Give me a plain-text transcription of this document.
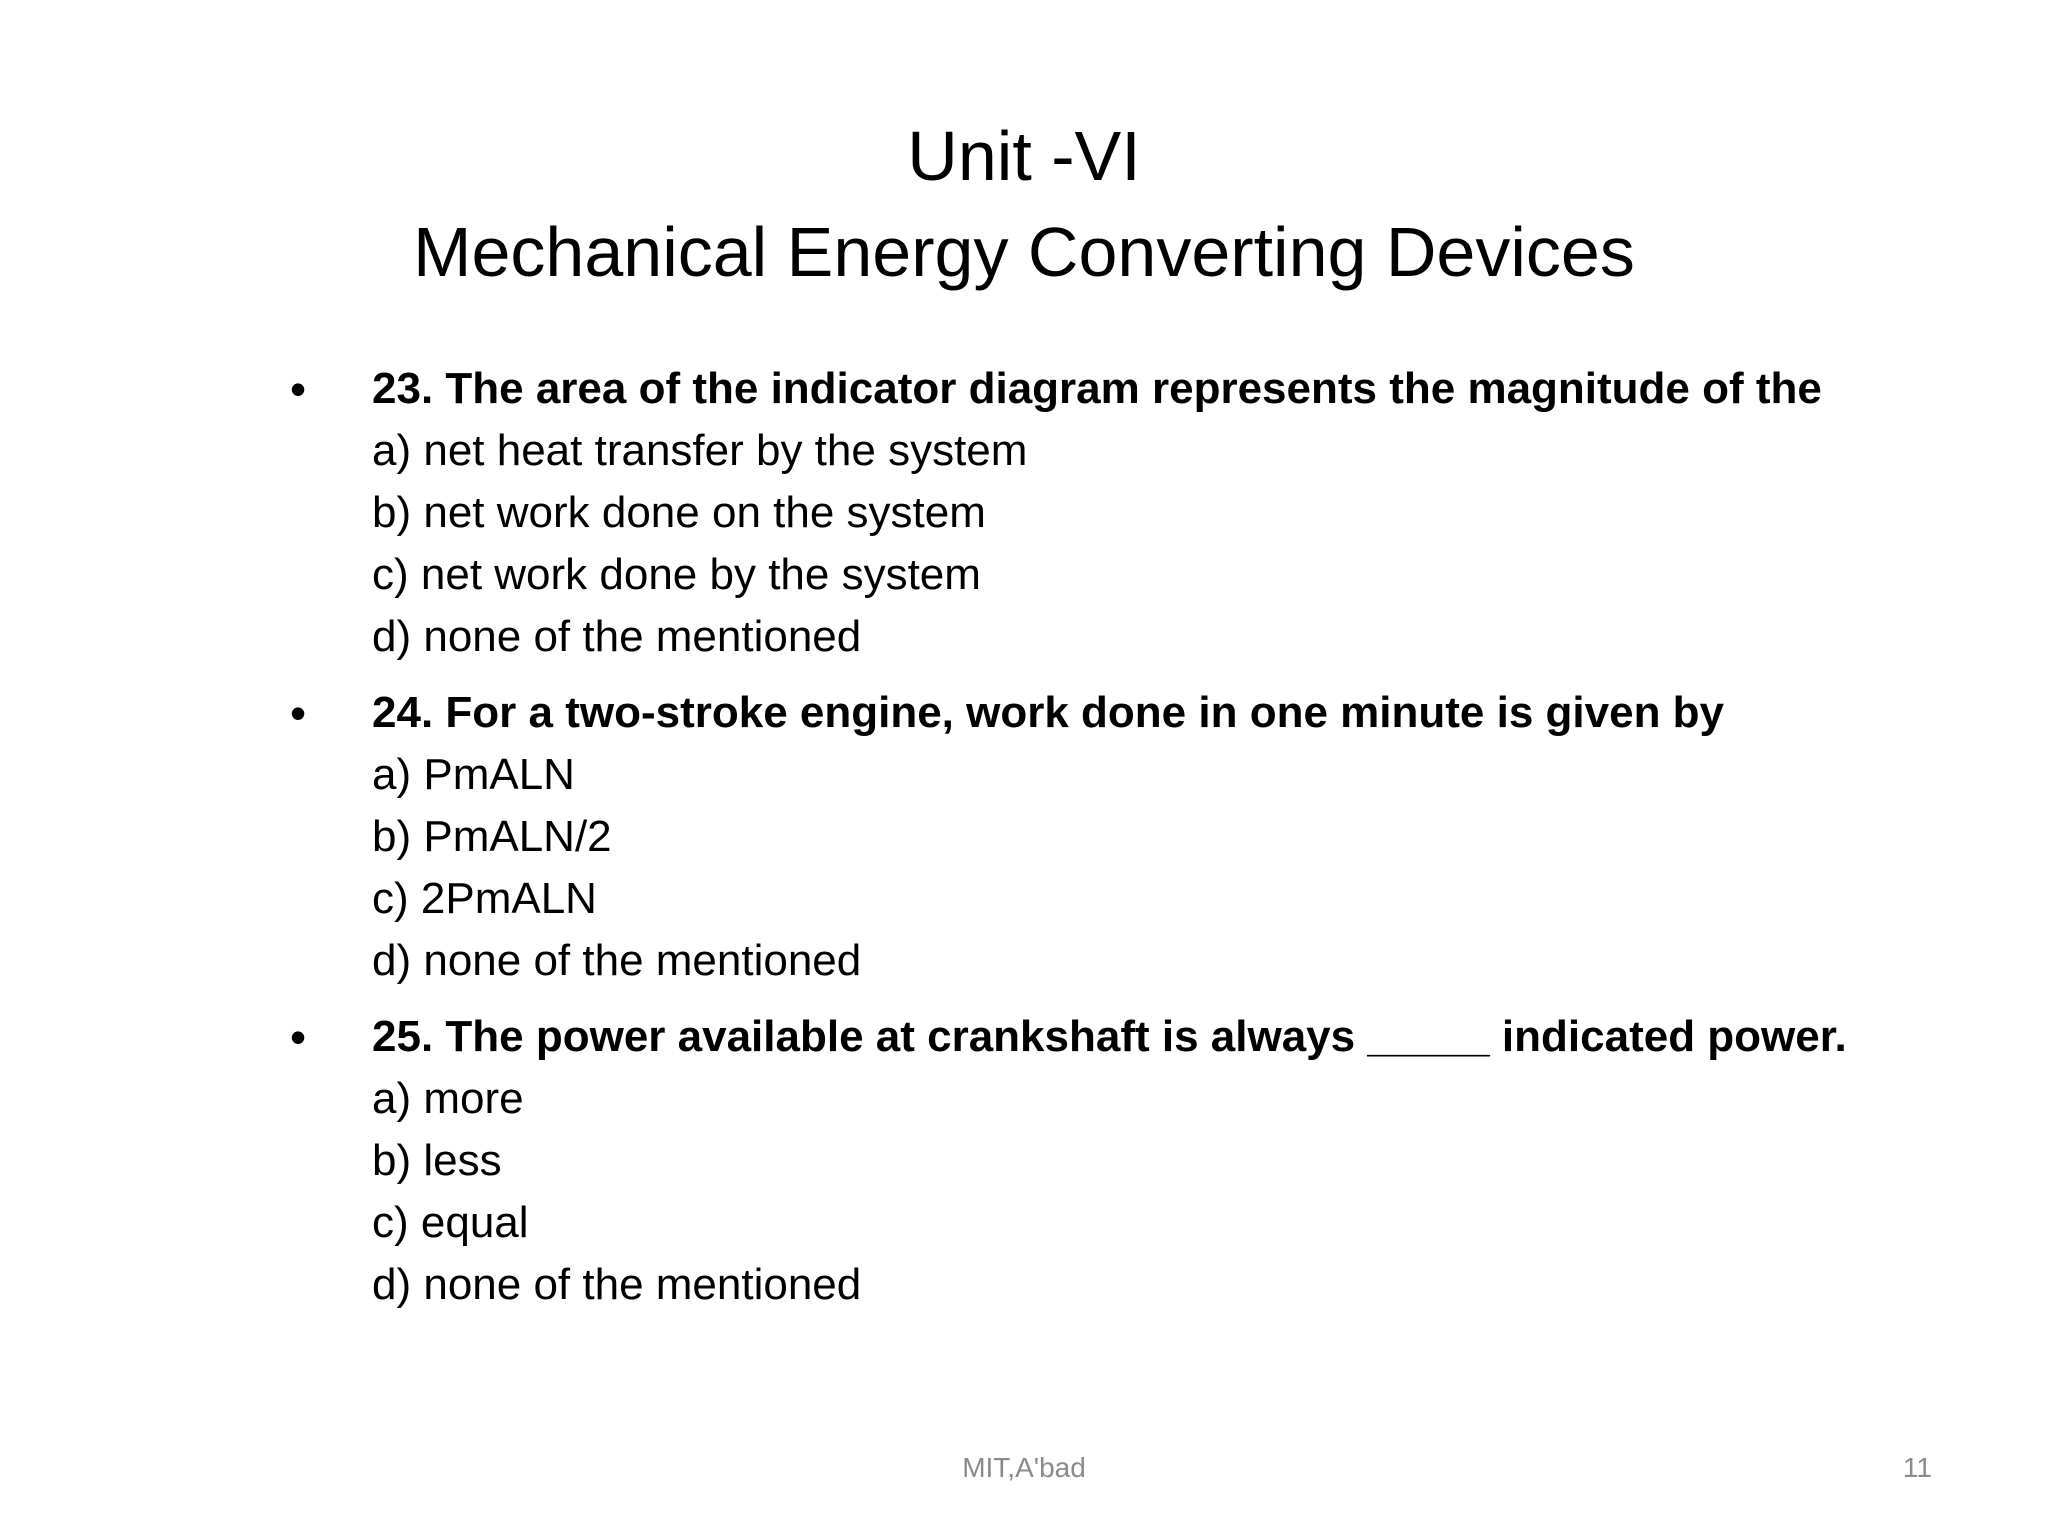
Unit -VI
Mechanical Energy Converting Devices
• 23. The area of the indicator diagram represents the magnitude of the
a) net heat transfer by the system
b) net work done on the system
c) net work done by the system
d) none of the mentioned
• 24. For a two-stroke engine, work done in one minute is given by
a) PmALN
b) PmALN/2
c) 2PmALN
d) none of the mentioned
• 25. The power available at crankshaft is always _____ indicated power.
a) more
b) less
c) equal
d) none of the mentioned
MIT,A'bad	11
